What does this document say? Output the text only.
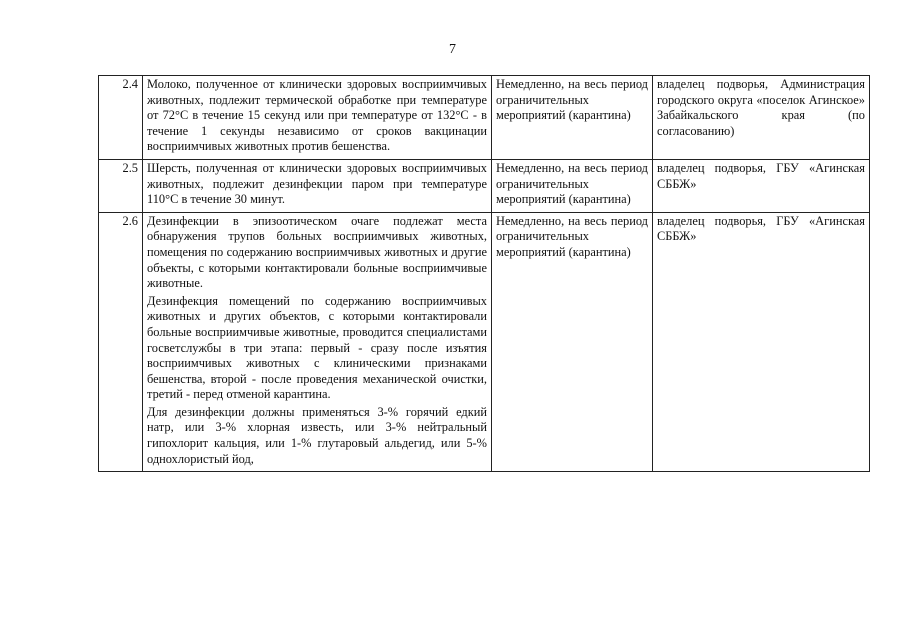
7
2.4	Молоко, полученное от клинически здоровых восприимчивых животных, подлежит термической обработке при температуре от 72°С в течение 15 секунд или при температуре от 132°С - в течение 1 секунды независимо от сроков вакцинации восприимчивых животных против бешенства.	Немедленно, на весь период ограничительных мероприятий (карантина)	владелец подворья, Администрация городского округа «поселок Агинское» Забайкальского края (по согласованию)
2.5	Шерсть, полученная от клинически здоровых восприимчивых животных, подлежит дезинфекции паром при температуре 110°С в течение 30 минут.	Немедленно, на весь период ограничительных мероприятий (карантина)	владелец подворья, ГБУ «Агинская СББЖ»
2.6	Дезинфекции в эпизоотическом очаге подлежат места обнаружения трупов больных восприимчивых животных, помещения по содержанию восприимчивых животных и другие объекты, с которыми контактировали больные восприимчивые животные.
Дезинфекция помещений по содержанию восприимчивых животных и других объектов, с которыми контактировали больные восприимчивые животные, проводится специалистами госветслужбы в три этапа: первый - сразу после изъятия восприимчивых животных с клиническими признаками бешенства, второй - после проведения механической очистки, третий - перед отменой карантина.
Для дезинфекции должны применяться 3-% горячий едкий натр, или 3-% хлорная известь, или 3-% нейтральный гипохлорит кальция, или 1-% глутаровый альдегид, или 5-% однохлористый йод,	Немедленно, на весь период ограничительных мероприятий (карантина)	владелец подворья, ГБУ «Агинская СББЖ»
